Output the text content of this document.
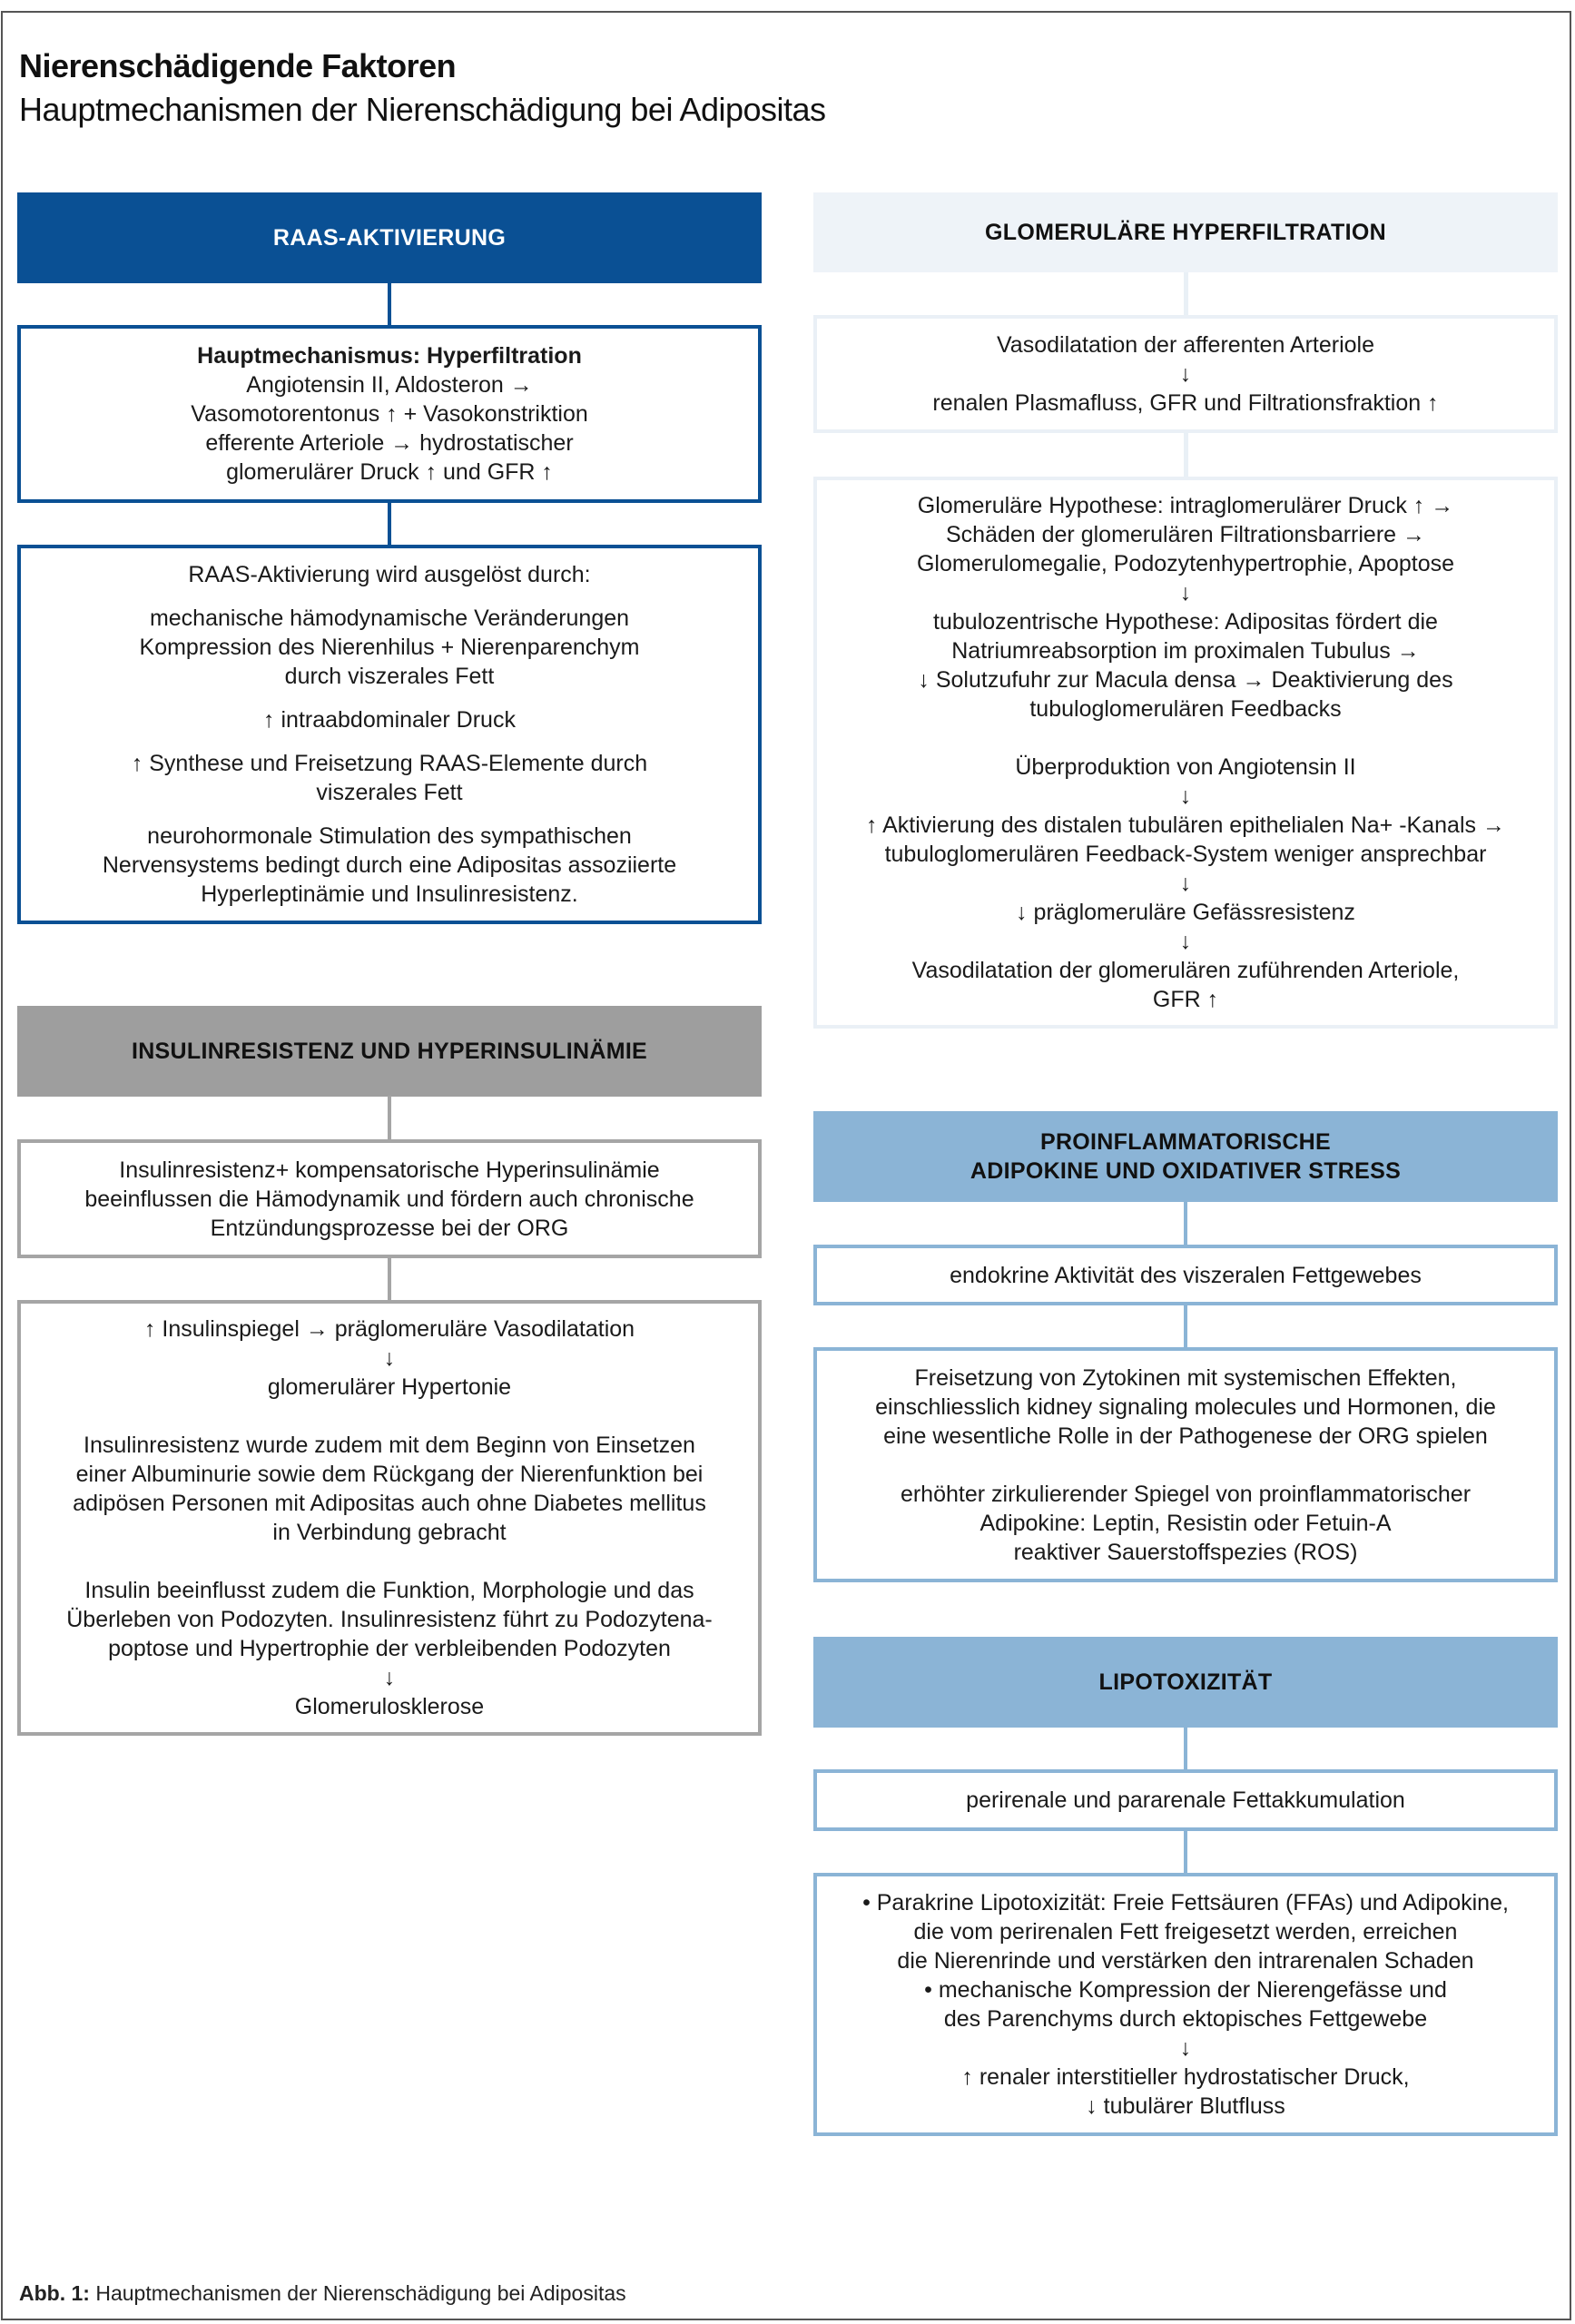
Nierenschädigende Faktoren
Hauptmechanismen der Nierenschädigung bei Adipositas
RAAS-AKTIVIERUNG
Hauptmechanismus: Hyperfiltration
Angiotensin II, Aldosteron →
Vasomotorentonus ↑ + Vasokonstriktion
efferente Arteriole → hydrostatischer
glomerulärer Druck ↑ und GFR ↑
RAAS-Aktivierung wird ausgelöst durch:
mechanische hämodynamische Veränderungen
Kompression des Nierenhilus + Nierenparenchym
durch viszerales Fett
↑ intraabdominaler Druck
↑ Synthese und Freisetzung RAAS-Elemente durch
viszerales Fett
neurohormonale Stimulation des sympathischen
Nervensystems bedingt durch eine Adipositas assoziierte
Hyperleptinämie und Insulinresistenz.
INSULINRESISTENZ UND HYPERINSULINÄMIE
Insulinresistenz+ kompensatorische Hyperinsulinämie
beeinflussen die Hämodynamik und fördern auch chronische
Entzündungsprozesse bei der ORG
↑ Insulinspiegel → präglomeruläre Vasodilatation
↓
glomerulärer Hypertonie
Insulinresistenz wurde zudem mit dem Beginn von Einsetzen
einer Albuminurie sowie dem Rückgang der Nierenfunktion bei
adipösen Personen mit Adipositas auch ohne Diabetes mellitus
in Verbindung gebracht
Insulin beeinflusst zudem die Funktion, Morphologie und das
Überleben von Podozyten. Insulinresistenz führt zu Podozytena-
poptose und Hypertrophie der verbleibenden Podozyten
↓
Glomerulosklerose
GLOMERULÄRE HYPERFILTRATION
Vasodilatation der afferenten Arteriole
↓
renalen Plasmafluss, GFR und Filtrationsfraktion ↑
Glomeruläre Hypothese: intraglomerulärer Druck ↑ →
Schäden der glomerulären Filtrationsbarriere →
Glomerulomegalie, Podozytenhypertrophie, Apoptose
↓
tubulozentrische Hypothese: Adipositas fördert die
Natriumreabsorption im proximalen Tubulus →
↓ Solutzufuhr zur Macula densa → Deaktivierung des
tubuloglomerulären Feedbacks
Überproduktion von Angiotensin II
↓
↑ Aktivierung des distalen tubulären epithelialen Na+ -Kanals →
tubuloglomerulären Feedback-System weniger ansprechbar
↓
↓ präglomeruläre Gefässresistenz
↓
Vasodilatation der glomerulären zuführenden Arteriole,
GFR ↑
PROINFLAMMATORISCHE
ADIPOKINE UND OXIDATIVER STRESS
endokrine Aktivität des viszeralen Fettgewebes
Freisetzung von Zytokinen mit systemischen Effekten,
einschliesslich kidney signaling molecules und Hormonen, die
eine wesentliche Rolle in der Pathogenese der ORG spielen
erhöhter zirkulierender Spiegel von proinflammatorischer
Adipokine: Leptin, Resistin oder Fetuin-A
reaktiver Sauerstoffspezies (ROS)
LIPOTOXIZITÄT
perirenale und pararenale Fettakkumulation
• Parakrine Lipotoxizität: Freie Fettsäuren (FFAs) und Adipokine,
die vom perirenalen Fett freigesetzt werden, erreichen
die Nierenrinde und verstärken den intrarenalen Schaden
• mechanische Kompression der Nierengefässe und
des Parenchyms durch ektopisches Fettgewebe
↓
↑ renaler interstitieller hydrostatischer Druck,
↓ tubulärer Blutfluss
Abb. 1: Hauptmechanismen der Nierenschädigung bei Adipositas
